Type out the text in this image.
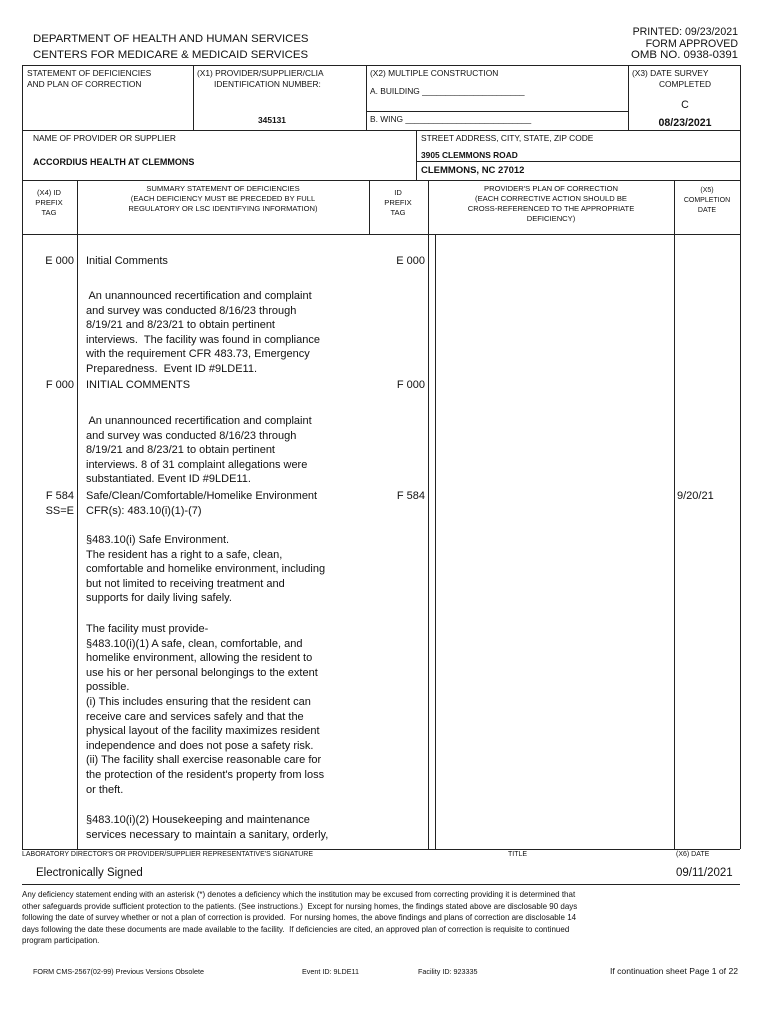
DEPARTMENT OF HEALTH AND HUMAN SERVICES
CENTERS FOR MEDICARE & MEDICAID SERVICES
PRINTED: 09/23/2021
FORM APPROVED
OMB NO. 0938-0391
STATEMENT OF DEFICIENCIES
AND PLAN OF CORRECTION
(X1) PROVIDER/SUPPLIER/CLIA
IDENTIFICATION NUMBER:
345131
(X2) MULTIPLE CONSTRUCTION
A. BUILDING ______________________
B. WING ___________________________
(X3) DATE SURVEY
COMPLETED
C
08/23/2021
NAME OF PROVIDER OR SUPPLIER
ACCORDIUS HEALTH AT CLEMMONS
STREET ADDRESS, CITY, STATE, ZIP CODE
3905 CLEMMONS ROAD
CLEMMONS, NC 27012
(X4) ID
PREFIX
TAG
SUMMARY STATEMENT OF DEFICIENCIES
(EACH DEFICIENCY MUST BE PRECEDED BY FULL
REGULATORY OR LSC IDENTIFYING INFORMATION)
ID
PREFIX
TAG
PROVIDER'S PLAN OF CORRECTION
(EACH CORRECTIVE ACTION SHOULD BE
CROSS-REFERENCED TO THE APPROPRIATE
DEFICIENCY)
(X5)
COMPLETION
DATE
E 000 Initial Comments	E 000
An unannounced recertification and complaint
and survey was conducted 8/16/23 through
8/19/21 and 8/23/21 to obtain pertinent
interviews.  The facility was found in compliance
with the requirement CFR 483.73, Emergency
Preparedness.  Event ID #9LDE11.
F 000 INITIAL COMMENTS	F 000
An unannounced recertification and complaint
and survey was conducted 8/16/23 through
8/19/21 and 8/23/21 to obtain pertinent
interviews. 8 of 31 complaint allegations were
substantiated. Event ID #9LDE11.
F 584
SS=E
Safe/Clean/Comfortable/Homelike Environment
CFR(s): 483.10(i)(1)-(7)
F 584	9/20/21
§483.10(i) Safe Environment.
The resident has a right to a safe, clean,
comfortable and homelike environment, including
but not limited to receiving treatment and
supports for daily living safely.
The facility must provide-
§483.10(i)(1) A safe, clean, comfortable, and
homelike environment, allowing the resident to
use his or her personal belongings to the extent
possible.
(i) This includes ensuring that the resident can
receive care and services safely and that the
physical layout of the facility maximizes resident
independence and does not pose a safety risk.
(ii) The facility shall exercise reasonable care for
the protection of the resident's property from loss
or theft.
§483.10(i)(2) Housekeeping and maintenance
services necessary to maintain a sanitary, orderly,
LABORATORY DIRECTOR'S OR PROVIDER/SUPPLIER REPRESENTATIVE'S SIGNATURE	TITLE	(X6) DATE
Electronically Signed	09/11/2021
Any deficiency statement ending with an asterisk (*) denotes a deficiency which the institution may be excused from correcting providing it is determined that
other safeguards provide sufficient protection to the patients. (See instructions.)  Except for nursing homes, the findings stated above are disclosable 90 days
following the date of survey whether or not a plan of correction is provided.  For nursing homes, the above findings and plans of correction are disclosable 14
days following the date these documents are made available to the facility.  If deficiencies are cited, an approved plan of correction is requisite to continued
program participation.
FORM CMS-2567(02-99) Previous Versions Obsolete	Event ID: 9LDE11	Facility ID: 923335	If continuation sheet Page 1 of 22
